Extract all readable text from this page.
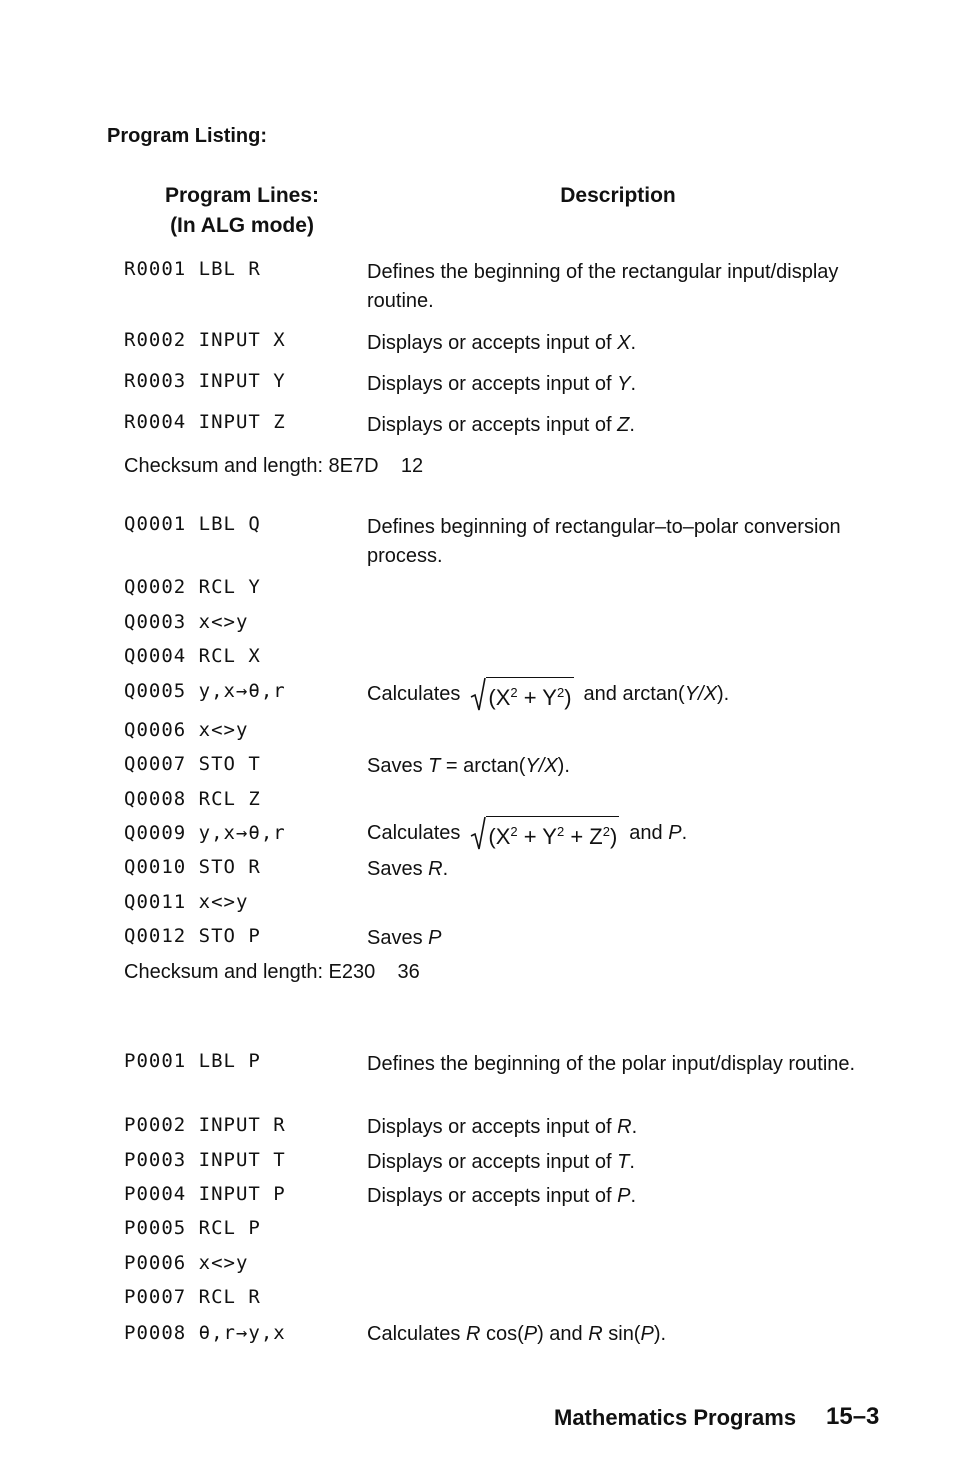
Program Listing:
Program Lines:
(In ALG mode)
Description
R0001 LBL R	Defines the beginning of the rectangular input/display routine.
R0002 INPUT X	Displays or accepts input of X.
R0003 INPUT Y	Displays or accepts input of Y.
R0004 INPUT Z	Displays or accepts input of Z.
Checksum and length: 8E7D    12
Q0001 LBL Q	Defines beginning of rectangular–to–polar conversion process.
Q0002 RCL Y
Q0003 x<>y
Q0004 RCL X
Q0005 y,x→θ,r	Calculates $(X^2 + Y^2)$ and arctan(Y/X).
Q0006 x<>y
Q0007 STO T	Saves T = arctan(Y/X).
Q0008 RCL Z
Q0009 y,x→θ,r	Calculates $(X^2 + Y^2 + Z^2)$ and P.
Q0010 STO R	Saves R.
Q0011 x<>y
Q0012 STO P	Saves P
Checksum and length: E230    36
P0001 LBL P	Defines the beginning of the polar input/display routine.
P0002 INPUT R	Displays or accepts input of R.
P0003 INPUT T	Displays or accepts input of T.
P0004 INPUT P	Displays or accepts input of P.
P0005 RCL P
P0006 x<>y
P0007 RCL R
P0008 θ,r→y,x	Calculates R cos(P) and R sin(P).
Mathematics Programs 15–3
